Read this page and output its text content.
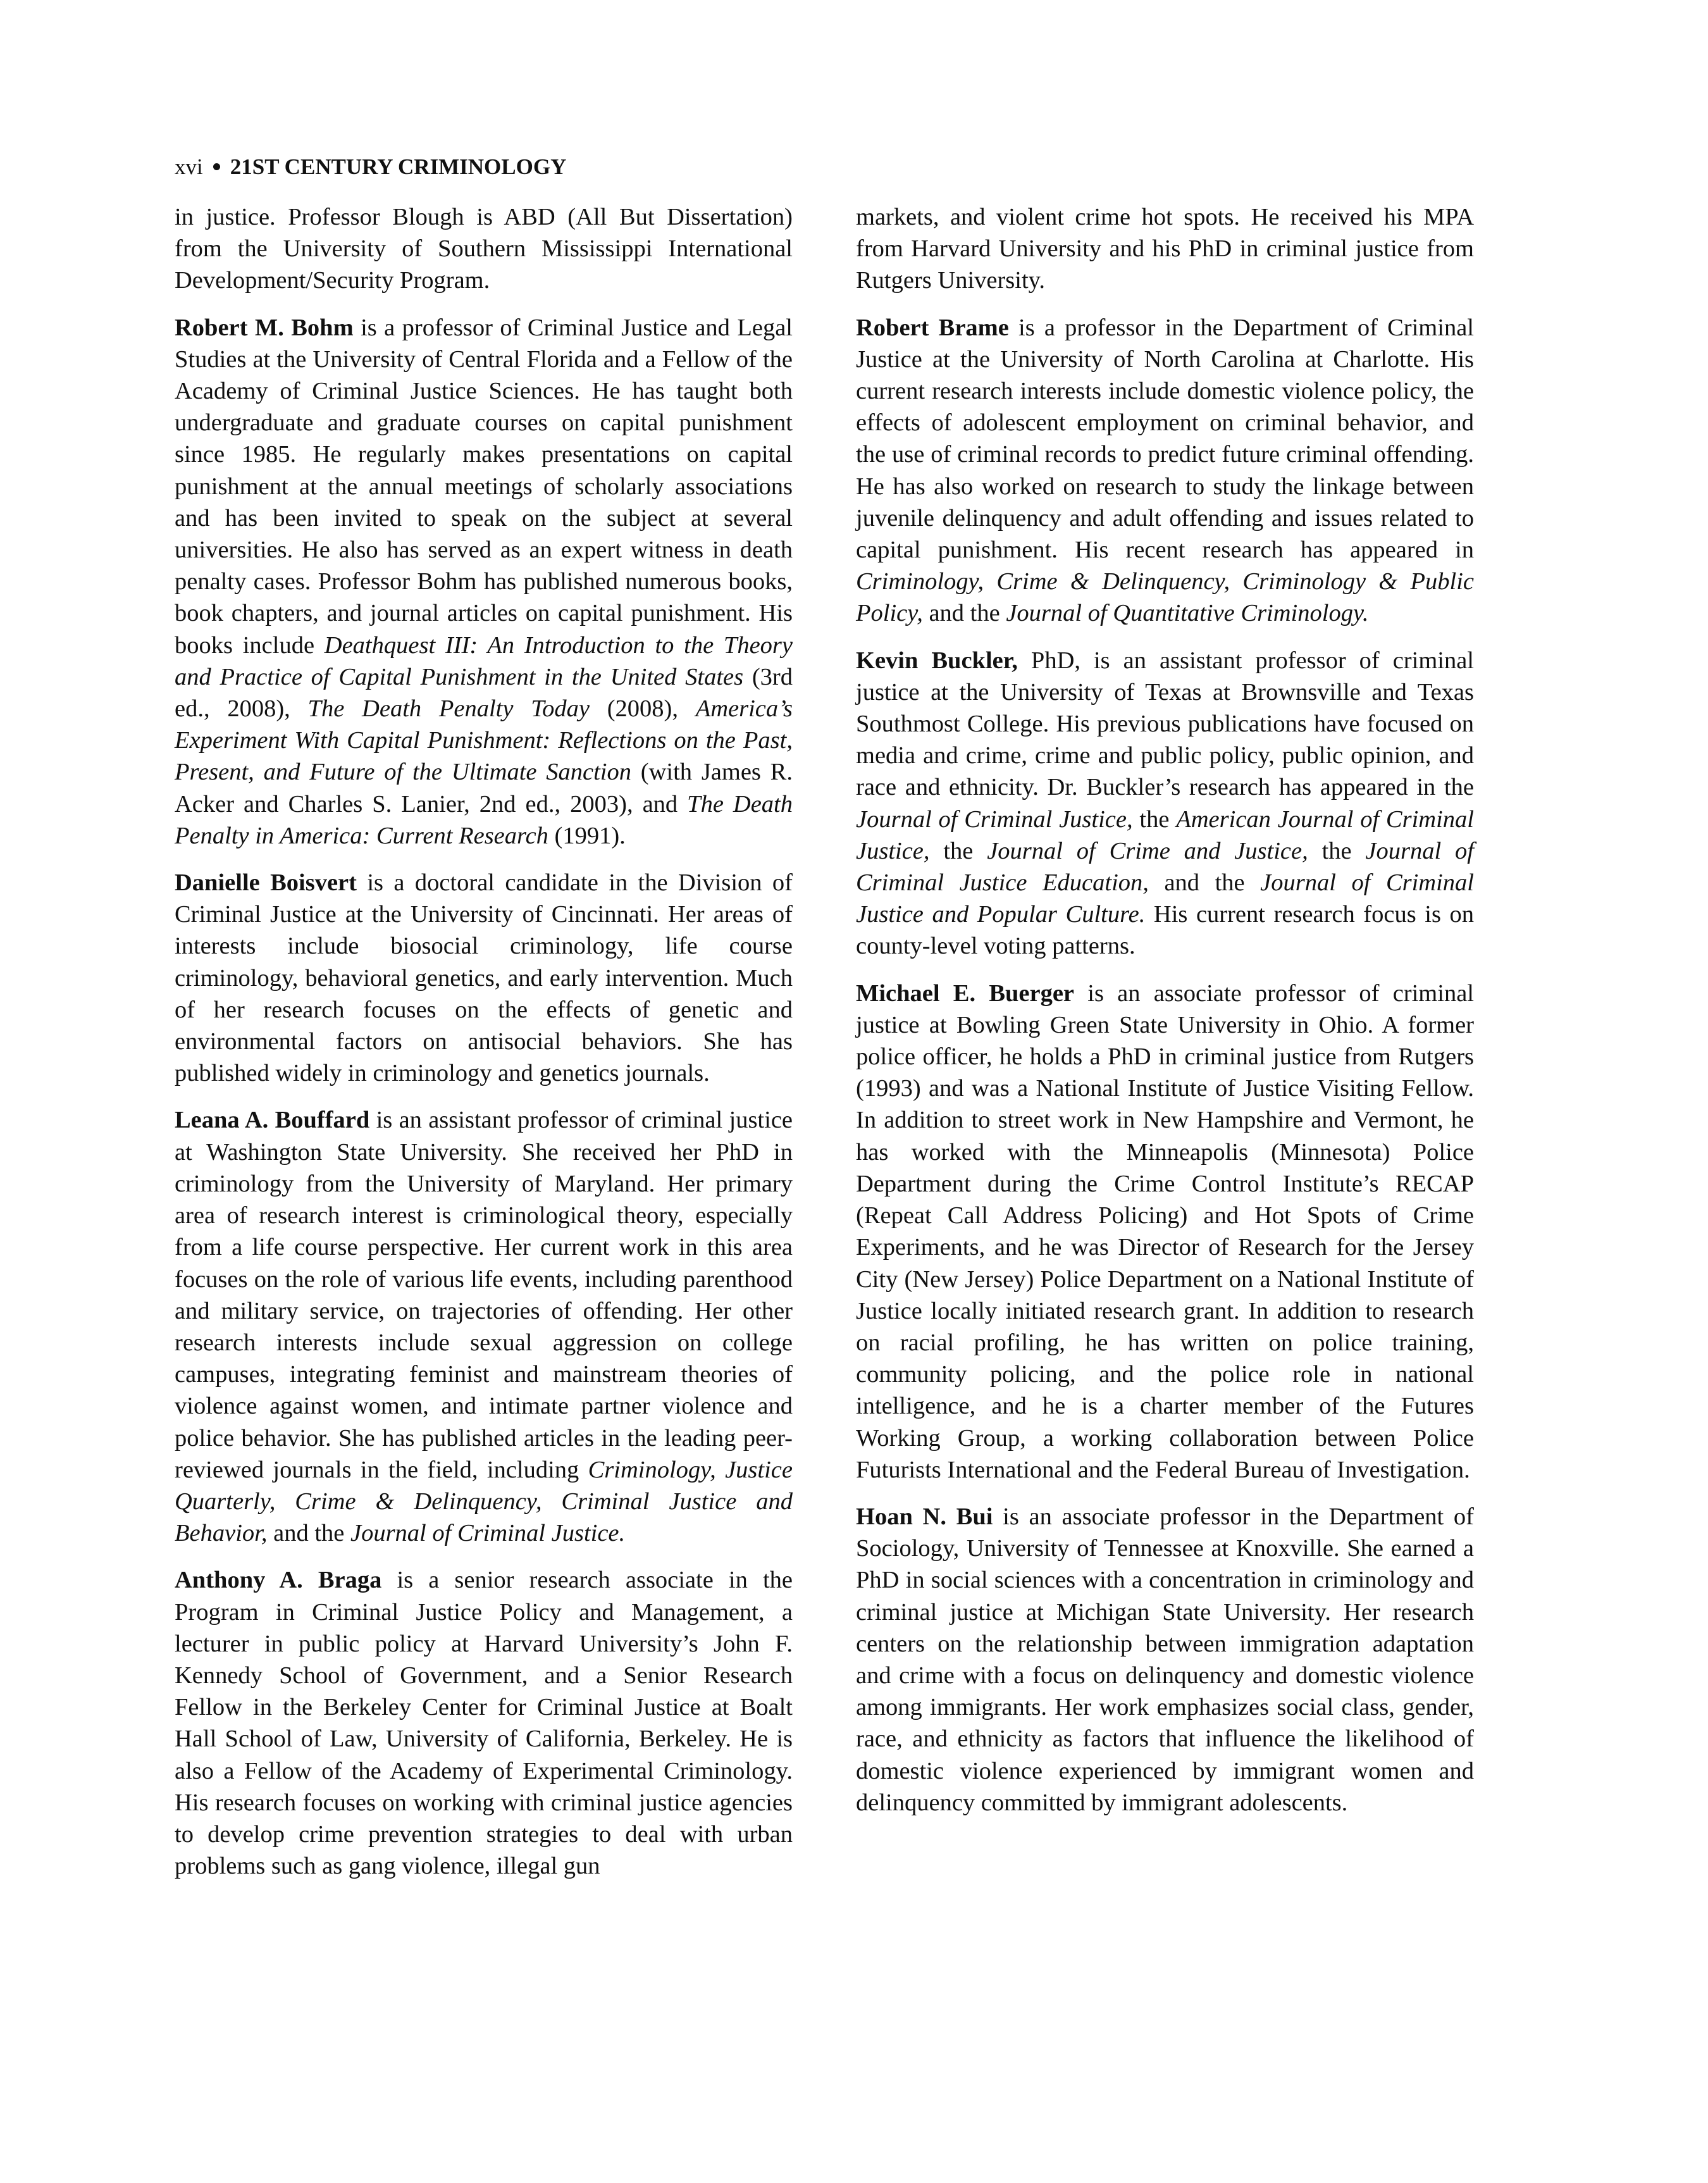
xvi 21ST CENTURY CRIMINOLOGY

in justice. Professor Blough is ABD (All But Dissertation) from the University of Southern Mississippi International Development/Security Program.

Robert M. Bohm is a professor of Criminal Justice and Legal Studies at the University of Central Florida and a Fellow of the Academy of Criminal Justice Sciences. He has taught both undergraduate and graduate courses on capital punishment since 1985. He regularly makes presentations on capital punishment at the annual meetings of scholarly associations and has been invited to speak on the subject at several universities. He also has served as an expert witness in death penalty cases. Professor Bohm has published numerous books, book chapters, and journal articles on capital punishment. His books include Deathquest III: An Introduction to the Theory and Practice of Capital Punishment in the United States (3rd ed., 2008), The Death Penalty Today (2008), America’s Experiment With Capital Punishment: Reflections on the Past, Present, and Future of the Ultimate Sanction (with James R. Acker and Charles S. Lanier, 2nd ed., 2003), and The Death Penalty in America: Current Research (1991).

Danielle Boisvert is a doctoral candidate in the Division of Criminal Justice at the University of Cincinnati. Her areas of interests include biosocial criminology, life course criminology, behavioral genetics, and early intervention. Much of her research focuses on the effects of genetic and environmental factors on antisocial behaviors. She has published widely in criminology and genetics journals.

Leana A. Bouffard is an assistant professor of criminal justice at Washington State University. She received her PhD in criminology from the University of Maryland. Her primary area of research interest is criminological theory, especially from a life course perspective. Her current work in this area focuses on the role of various life events, including parenthood and military service, on trajectories of offending. Her other research interests include sexual aggression on college campuses, integrating feminist and mainstream theories of violence against women, and intimate partner violence and police behavior. She has published articles in the leading peer-reviewed journals in the field, including Criminology, Justice Quarterly, Crime & Delinquency, Criminal Justice and Behavior, and the Journal of Criminal Justice.

Anthony A. Braga is a senior research associate in the Program in Criminal Justice Policy and Management, a lecturer in public policy at Harvard University’s John F. Kennedy School of Government, and a Senior Research Fellow in the Berkeley Center for Criminal Justice at Boalt Hall School of Law, University of California, Berkeley. He is also a Fellow of the Academy of Experimental Criminology. His research focuses on working with criminal justice agencies to develop crime prevention strategies to deal with urban problems such as gang violence, illegal gun

markets, and violent crime hot spots. He received his MPA from Harvard University and his PhD in criminal justice from Rutgers University.

Robert Brame is a professor in the Department of Criminal Justice at the University of North Carolina at Charlotte. His current research interests include domestic violence policy, the effects of adolescent employment on criminal behavior, and the use of criminal records to predict future criminal offending. He has also worked on research to study the linkage between juvenile delinquency and adult offending and issues related to capital punishment. His recent research has appeared in Criminology, Crime & Delinquency, Criminology & Public Policy, and the Journal of Quantitative Criminology.

Kevin Buckler, PhD, is an assistant professor of criminal justice at the University of Texas at Brownsville and Texas Southmost College. His previous publications have focused on media and crime, crime and public policy, public opinion, and race and ethnicity. Dr. Buckler’s research has appeared in the Journal of Criminal Justice, the American Journal of Criminal Justice, the Journal of Crime and Justice, the Journal of Criminal Justice Education, and the Journal of Criminal Justice and Popular Culture. His current research focus is on county-level voting patterns.

Michael E. Buerger is an associate professor of criminal justice at Bowling Green State University in Ohio. A former police officer, he holds a PhD in criminal justice from Rutgers (1993) and was a National Institute of Justice Visiting Fellow. In addition to street work in New Hampshire and Vermont, he has worked with the Minneapolis (Minnesota) Police Department during the Crime Control Institute’s RECAP (Repeat Call Address Policing) and Hot Spots of Crime Experiments, and he was Director of Research for the Jersey City (New Jersey) Police Department on a National Institute of Justice locally initiated research grant. In addition to research on racial profiling, he has written on police training, community policing, and the police role in national intelligence, and he is a charter member of the Futures Working Group, a working collaboration between Police Futurists International and the Federal Bureau of Investigation.

Hoan N. Bui is an associate professor in the Department of Sociology, University of Tennessee at Knoxville. She earned a PhD in social sciences with a concentration in criminology and criminal justice at Michigan State University. Her research centers on the relationship between immigration adaptation and crime with a focus on delinquency and domestic violence among immigrants. Her work emphasizes social class, gender, race, and ethnicity as factors that influence the likelihood of domestic violence experienced by immigrant women and delinquency committed by immigrant adolescents.
